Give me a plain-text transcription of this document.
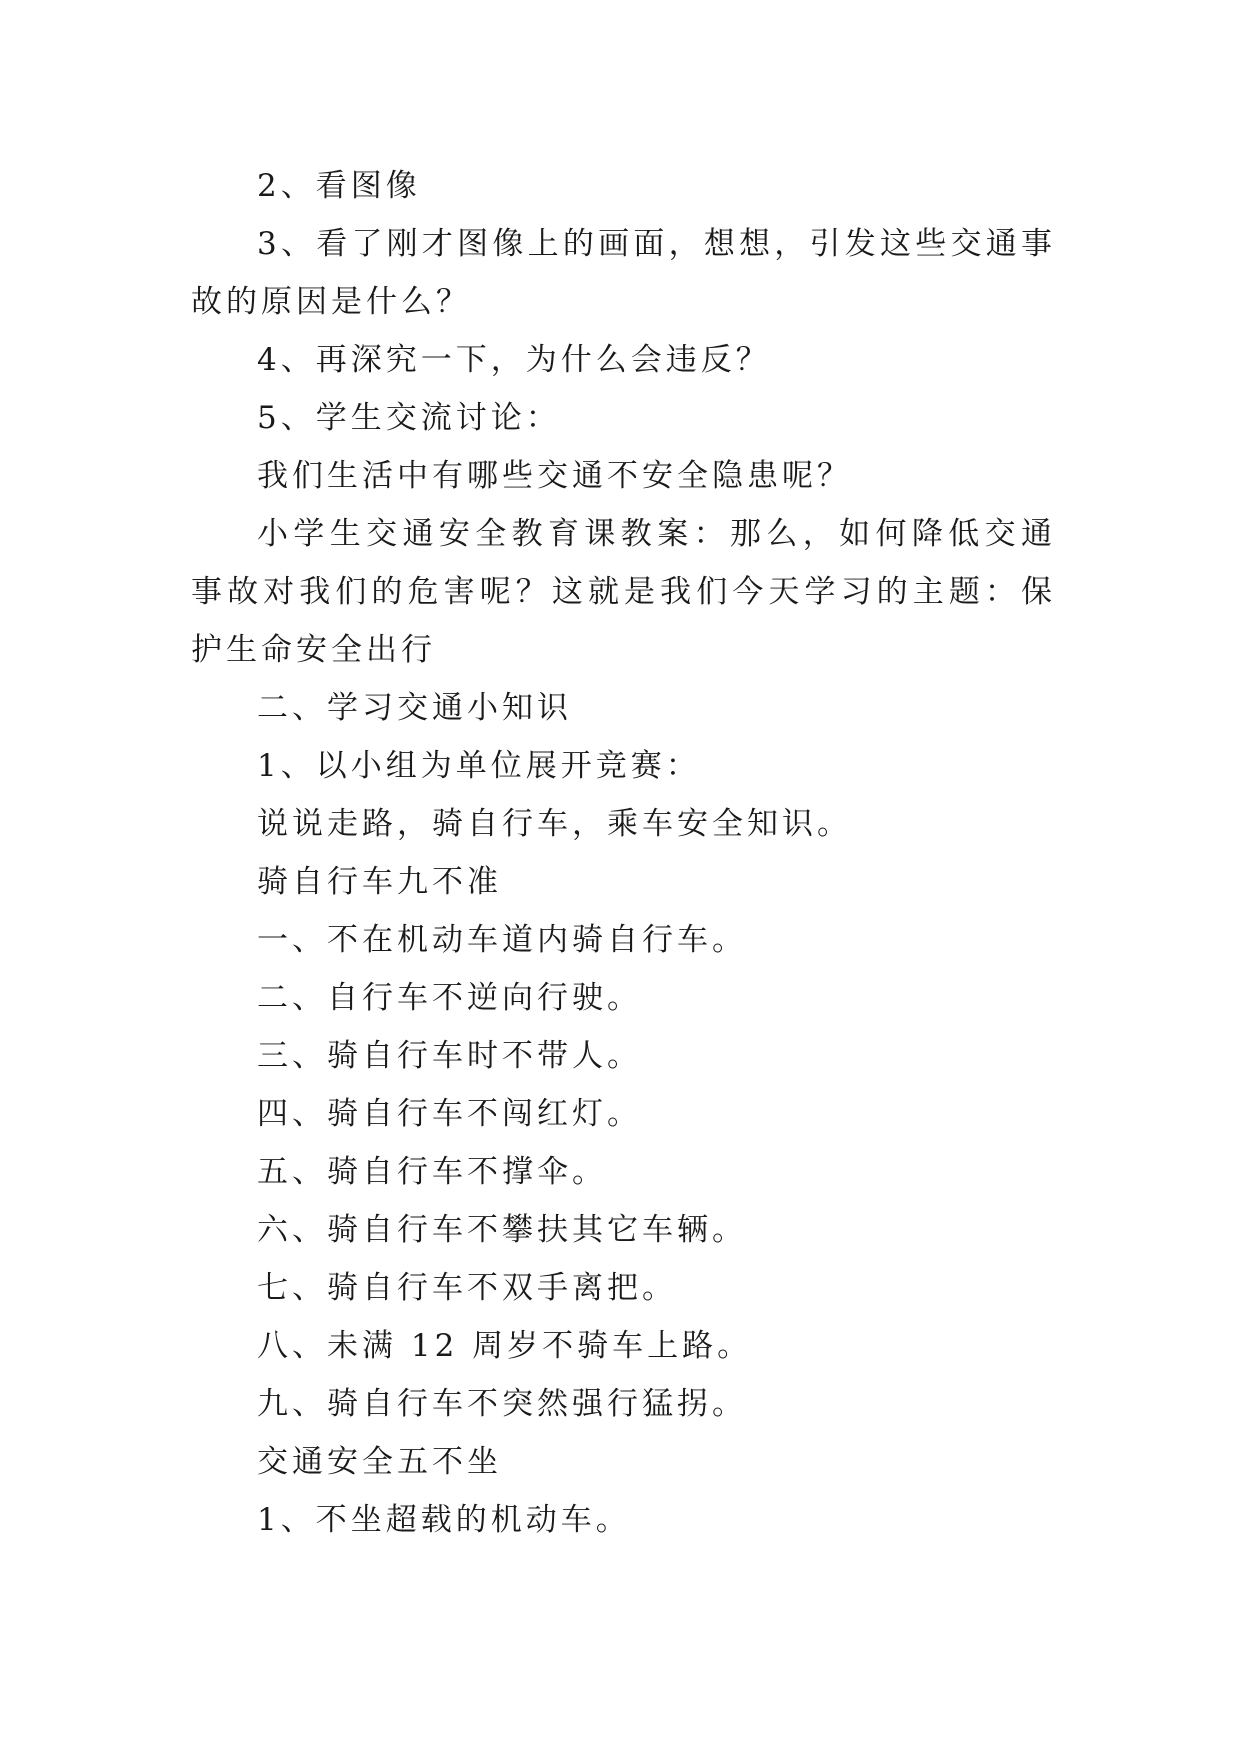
2、看图像

3、看了刚才图像上的画面，想想，引发这些交通事故的原因是什么？

4、再深究一下，为什么会违反？

5、学生交流讨论：

我们生活中有哪些交通不安全隐患呢？

小学生交通安全教育课教案：那么，如何降低交通事故对我们的危害呢？这就是我们今天学习的主题：保护生命安全出行

二、学习交通小知识

1、以小组为单位展开竞赛：

说说走路，骑自行车，乘车安全知识。

骑自行车九不准

一、不在机动车道内骑自行车。

二、自行车不逆向行驶。

三、骑自行车时不带人。

四、骑自行车不闯红灯。

五、骑自行车不撑伞。

六、骑自行车不攀扶其它车辆。

七、骑自行车不双手离把。

八、未满 12 周岁不骑车上路。

九、骑自行车不突然强行猛拐。

交通安全五不坐

1、不坐超载的机动车。
